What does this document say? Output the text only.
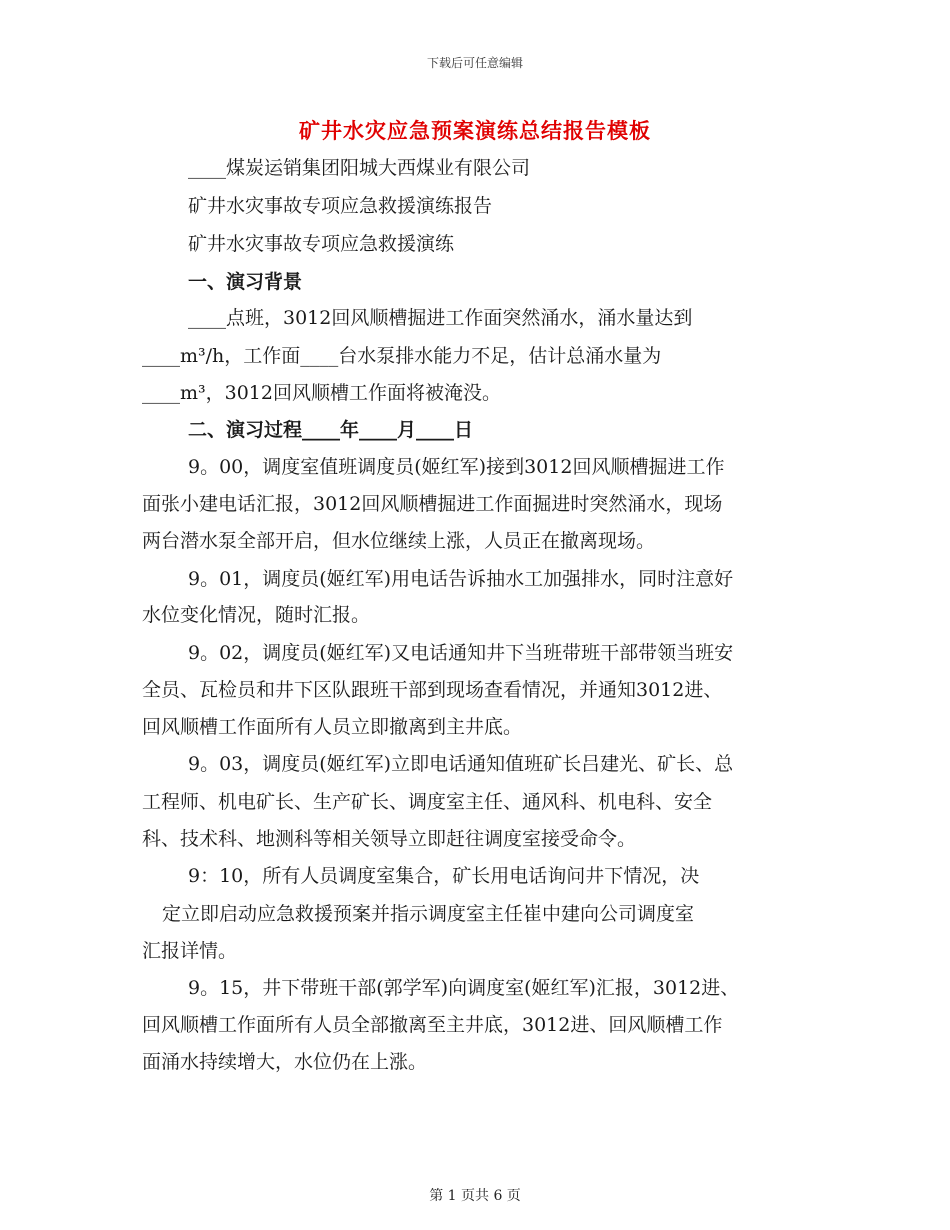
下载后可任意编辑
矿井水灾应急预案演练总结报告模板
____煤炭运销集团阳城大西煤业有限公司
矿井水灾事故专项应急救援演练报告
矿井水灾事故专项应急救援演练
一、演习背景
____点班，3012回风顺槽掘进工作面突然涌水，涌水量达到
____m³/h，工作面____台水泵排水能力不足，估计总涌水量为
____m³，3012回风顺槽工作面将被淹没。
二、演习过程____年____月____日
9。00，调度室值班调度员(姬红军)接到3012回风顺槽掘进工作
面张小建电话汇报，3012回风顺槽掘进工作面掘进时突然涌水，现场
两台潜水泵全部开启，但水位继续上涨，人员正在撤离现场。
9。01，调度员(姬红军)用电话告诉抽水工加强排水，同时注意好
水位变化情况，随时汇报。
9。02，调度员(姬红军)又电话通知井下当班带班干部带领当班安
全员、瓦检员和井下区队跟班干部到现场查看情况，并通知3012进、
回风顺槽工作面所有人员立即撤离到主井底。
9。03，调度员(姬红军)立即电话通知值班矿长吕建光、矿长、总
工程师、机电矿长、生产矿长、调度室主任、通风科、机电科、安全
科、技术科、地测科等相关领导立即赶往调度室接受命令。
9：10，所有人员调度室集合，矿长用电话询问井下情况，决
定立即启动应急救援预案并指示调度室主任崔中建向公司调度室
汇报详情。
9。15，井下带班干部(郭学军)向调度室(姬红军)汇报，3012进、
回风顺槽工作面所有人员全部撤离至主井底，3012进、回风顺槽工作
面涌水持续增大，水位仍在上涨。
第 1 页共 6 页
